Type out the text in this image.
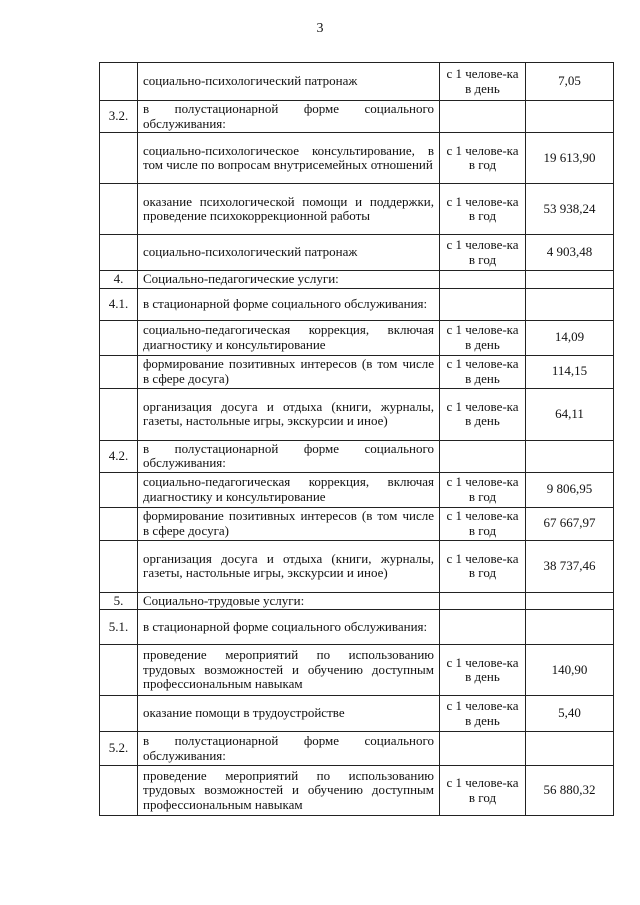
3
	социально-психологический патронаж	с 1 челове-ка в день	7,05
3.2.	в полустационарной форме социального обслуживания:		
	социально-психологическое консультирование, в том числе по вопросам внутрисемейных отношений	с 1 челове-ка в год	19 613,90
	оказание психологической помощи и поддержки, проведение психокоррекционной работы	с 1 челове-ка в год	53 938,24
	социально-психологический патронаж	с 1 челове-ка в год	4 903,48
4.	Социально-педагогические услуги:		
4.1.	в стационарной форме социального обслуживания:		
	социально-педагогическая коррекция, включая диагностику и консультирование	с 1 челове-ка в день	14,09
	формирование позитивных интересов (в том числе в сфере досуга)	с 1 челове-ка в день	114,15
	организация досуга и отдыха (книги, журналы, газеты, настольные игры, экскурсии и иное)	с 1 челове-ка в день	64,11
4.2.	в полустационарной форме социального обслуживания:		
	социально-педагогическая коррекция, включая диагностику и консультирование	с 1 челове-ка в год	9 806,95
	формирование позитивных интересов (в том числе в сфере досуга)	с 1 челове-ка в год	67 667,97
	организация досуга и отдыха (книги, журналы, газеты, настольные игры, экскурсии и иное)	с 1 челове-ка в год	38 737,46
5.	Социально-трудовые услуги:		
5.1.	в стационарной форме социального обслуживания:		
	проведение мероприятий по использованию трудовых возможностей и обучению доступным профессиональным навыкам	с 1 челове-ка в день	140,90
	оказание помощи в трудоустройстве	с 1 челове-ка в день	5,40
5.2.	в полустационарной форме социального обслуживания:		
	проведение мероприятий по использованию трудовых возможностей и обучению доступным профессиональным навыкам	с 1 челове-ка в год	56 880,32
